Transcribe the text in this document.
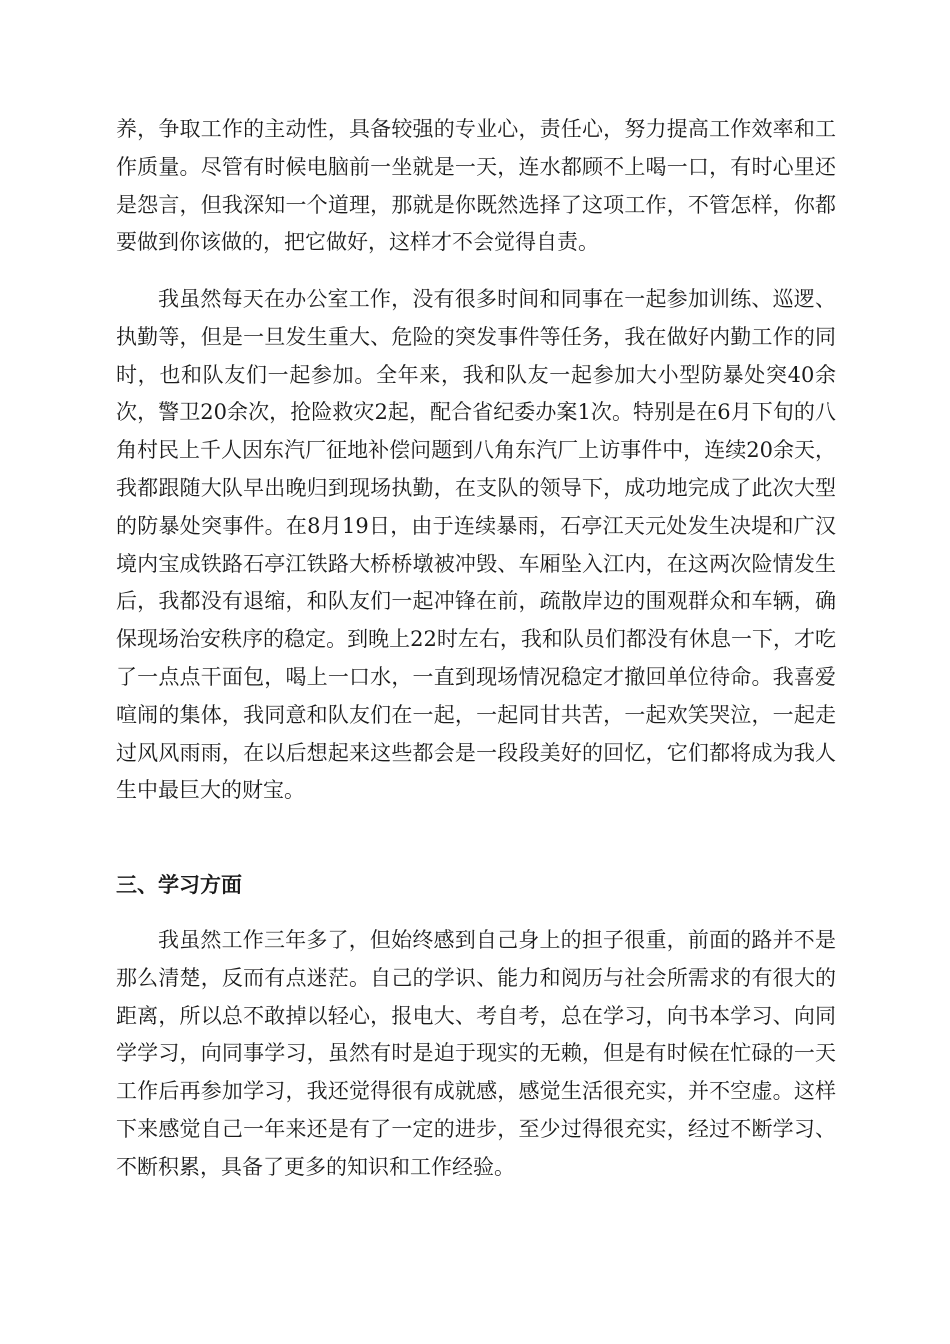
养，争取工作的主动性，具备较强的专业心，责任心，努力提高工作效率和工作质量。尽管有时候电脑前一坐就是一天，连水都顾不上喝一口，有时心里还是怨言，但我深知一个道理，那就是你既然选择了这项工作，不管怎样，你都要做到你该做的，把它做好，这样才不会觉得自责。

我虽然每天在办公室工作，没有很多时间和同事在一起参加训练、巡逻、执勤等，但是一旦发生重大、危险的突发事件等任务，我在做好内勤工作的同时，也和队友们一起参加。全年来，我和队友一起参加大小型防暴处突40余次，警卫20余次，抢险救灾2起，配合省纪委办案1次。特别是在6月下旬的八角村民上千人因东汽厂征地补偿问题到八角东汽厂上访事件中，连续20余天，我都跟随大队早出晚归到现场执勤，在支队的领导下，成功地完成了此次大型的防暴处突事件。在8月19日，由于连续暴雨，石亭江天元处发生决堤和广汉境内宝成铁路石亭江铁路大桥桥墩被冲毁、车厢坠入江内，在这两次险情发生后，我都没有退缩，和队友们一起冲锋在前，疏散岸边的围观群众和车辆，确保现场治安秩序的稳定。到晚上22时左右，我和队员们都没有休息一下，才吃了一点点干面包，喝上一口水，一直到现场情况稳定才撤回单位待命。我喜爱喧闹的集体，我同意和队友们在一起，一起同甘共苦，一起欢笑哭泣，一起走过风风雨雨，在以后想起来这些都会是一段段美好的回忆，它们都将成为我人生中最巨大的财宝。

三、学习方面

我虽然工作三年多了，但始终感到自己身上的担子很重，前面的路并不是那么清楚，反而有点迷茫。自己的学识、能力和阅历与社会所需求的有很大的距离，所以总不敢掉以轻心，报电大、考自考，总在学习，向书本学习、向同学学习，向同事学习，虽然有时是迫于现实的无赖，但是有时候在忙碌的一天工作后再参加学习，我还觉得很有成就感，感觉生活很充实，并不空虚。这样下来感觉自己一年来还是有了一定的进步，至少过得很充实，经过不断学习、不断积累，具备了更多的知识和工作经验。
